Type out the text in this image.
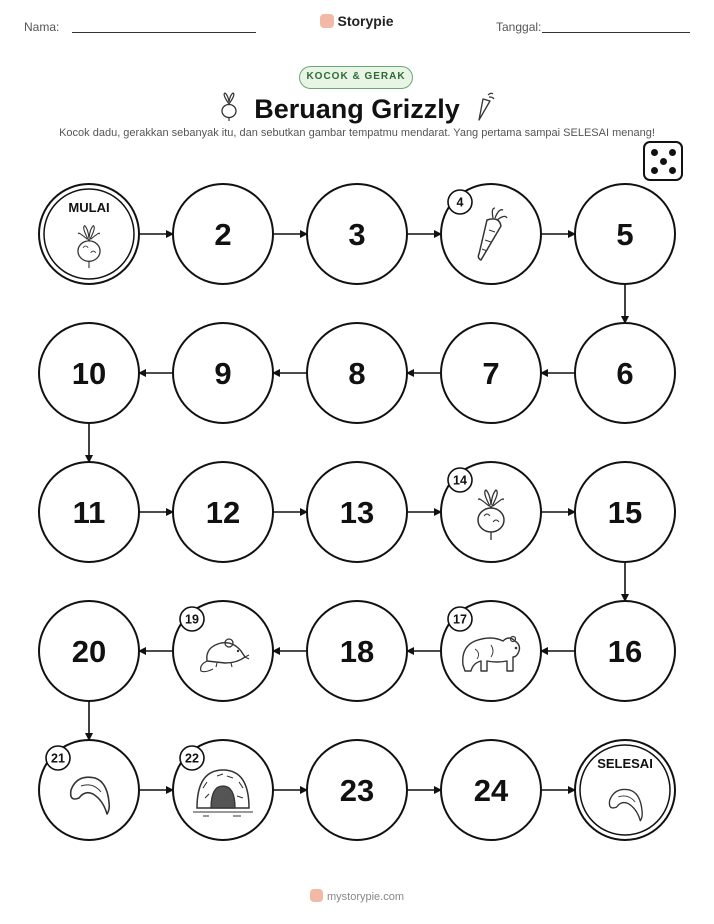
Nama:	Storypie	Tanggal:
KOCOK & GERAK
Beruang Grizzly
Kocok dadu, gerakkan sebanyak itu, dan sebutkan gambar tempatmu mendarat. Yang pertama sampai SELESAI menang!
MULAI
2	3
4
5
6
7
8
9
10
11	12	13
14
15
16
17
18
19
20
21	22
23	24
SELESAI
mystorypie.com
